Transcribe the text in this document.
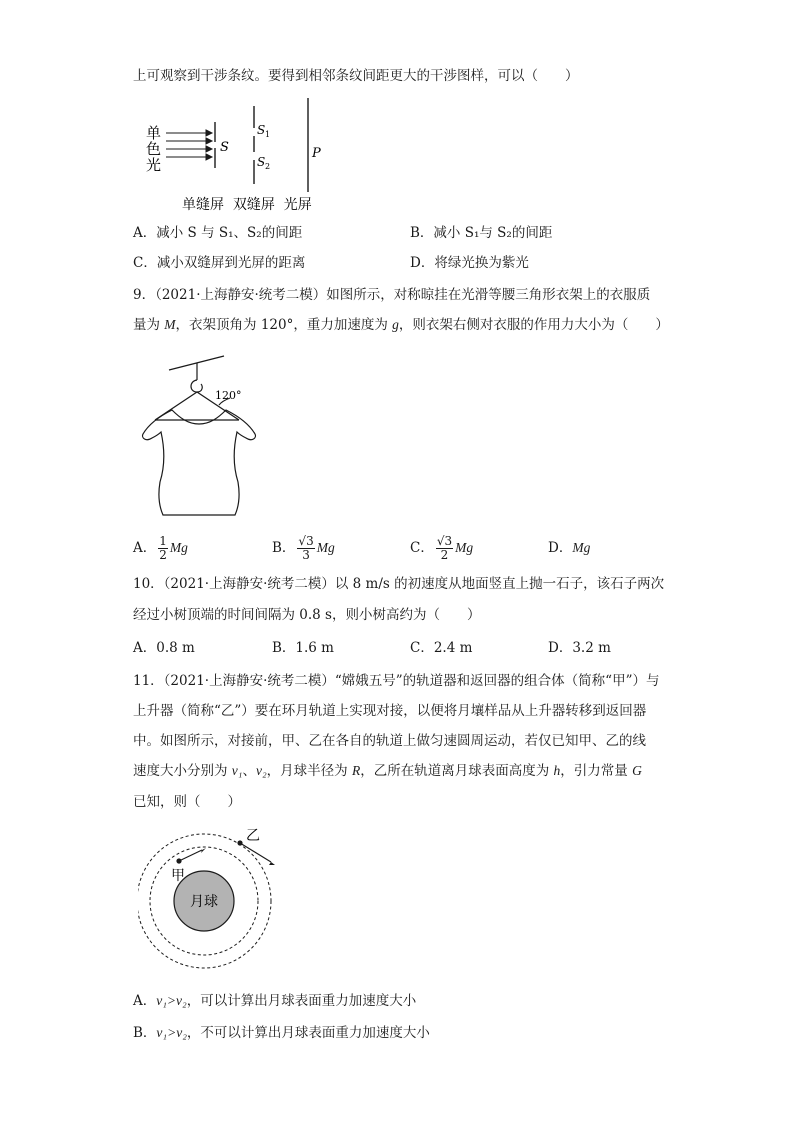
上可观察到干涉条纹。要得到相邻条纹间距更大的干涉图样，可以（　　）
单
色
光
S
S 1
S 2
P
单缝屏  双缝屏  光屏
A．减小 S 与 S₁、S₂的间距	B．减小 S₁与 S₂的间距
C．减小双缝屏到光屏的距离	D．将绿光换为紫光
9．（2021·上海静安·统考二模）如图所示，对称晾挂在光滑等腰三角形衣架上的衣服质
量为 M，衣架顶角为 120°，重力加速度为 g，则衣架右侧对衣服的作用力大小为（　　）
120°
A． $\frac{1}{2}$ Mg	B． $\frac{√3}{3}$ Mg	C． $\frac{√3}{2}$ Mg	D．Mg
10．（2021·上海静安·统考二模）以 8 m/s 的初速度从地面竖直上抛一石子，该石子两次
经过小树顶端的时间间隔为 0.8 s，则小树高约为（　　）
A．0.8 m	B．1.6 m	C．2.4 m	D．3.2 m
11．（2021·上海静安·统考二模）“嫦娥五号”的轨道器和返回器的组合体（简称“甲”）与
上升器（简称“乙”）要在环月轨道上实现对接，以便将月壤样品从上升器转移到返回器
中。如图所示，对接前，甲、乙在各自的轨道上做匀速圆周运动，若仅已知甲、乙的线
速度大小分别为 v₁、v₂，月球半径为 R，乙所在轨道离月球表面高度为 h，引力常量 G
已知，则（　　）
月球
甲
乙
A．v₁>v₂，可以计算出月球表面重力加速度大小
B．v₁>v₂，不可以计算出月球表面重力加速度大小
